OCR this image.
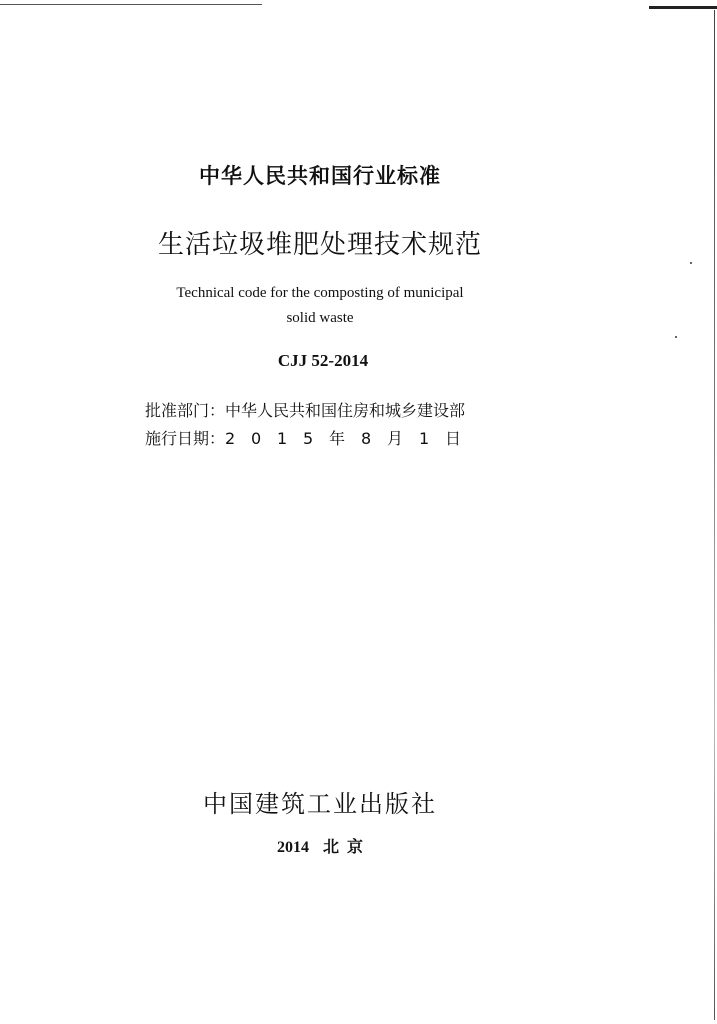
中华人民共和国行业标准
生活垃圾堆肥处理技术规范
Technical code for the composting of municipal
solid waste
CJJ 52-2014
批准部门：中华人民共和国住房和城乡建设部
施行日期：2 0 1 5 年 8 月 1 日
中国建筑工业出版社
2014 北  京
